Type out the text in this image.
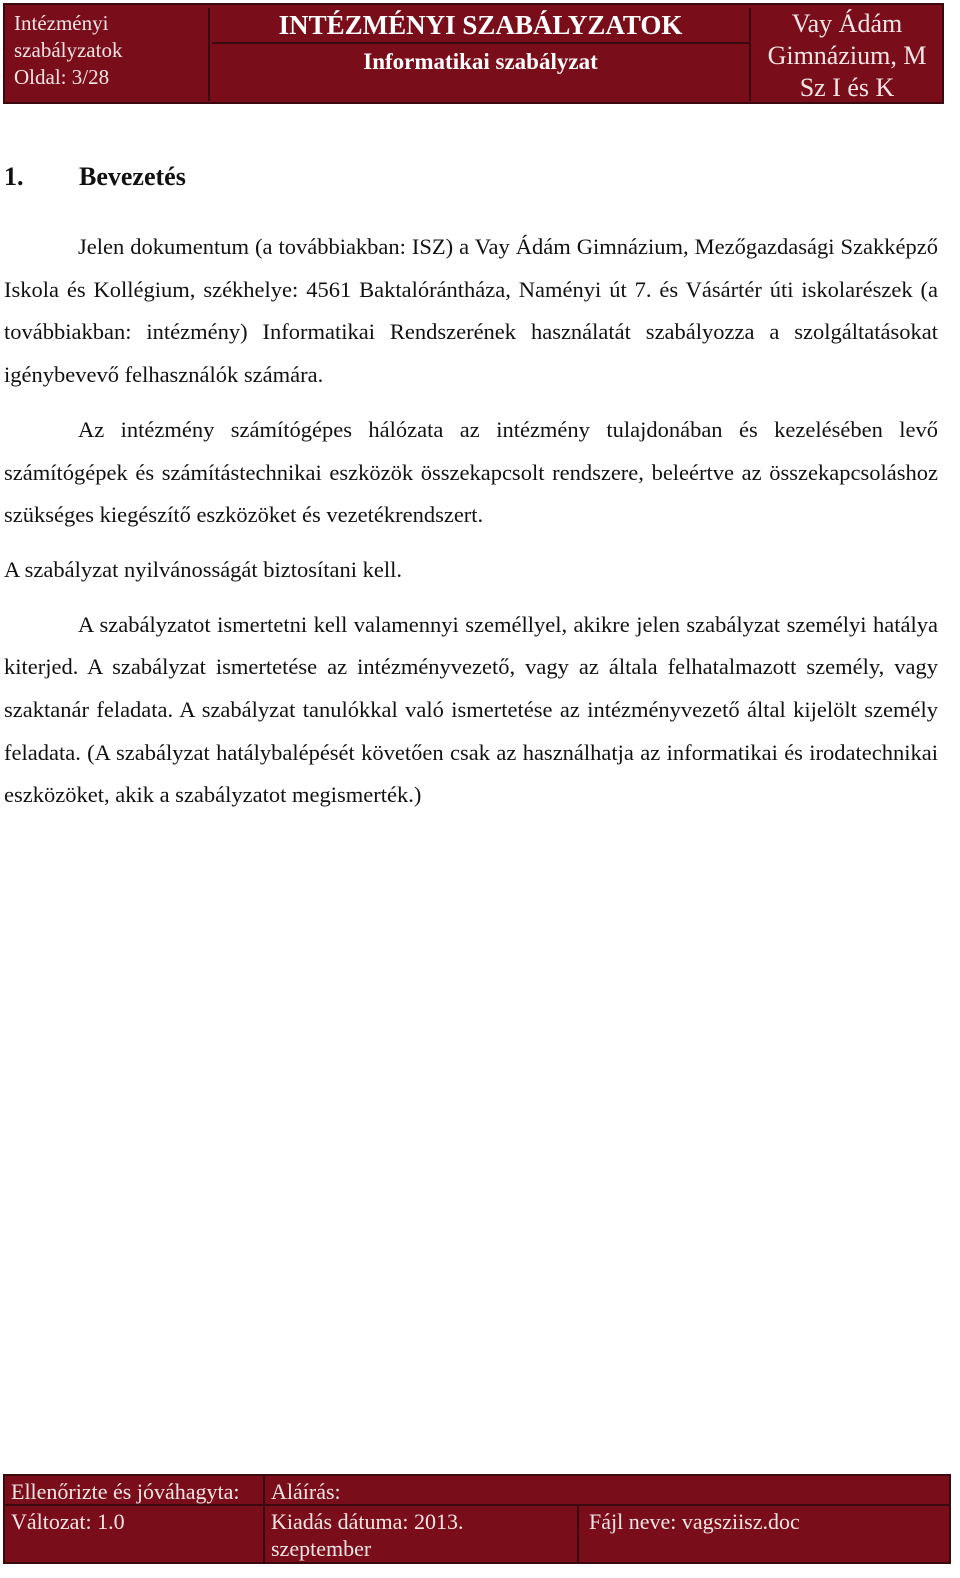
Intézményi
szabályzatok
Oldal: 3/28
INTÉZMÉNYI SZABÁLYZATOK
Informatikai szabályzat
Vay Ádám
Gimnázium, M
Sz I és K
1. Bevezetés

Jelen dokumentum (a továbbiakban: ISZ) a Vay Ádám Gimnázium, Mezőgazdasági Szakképző Iskola és Kollégium, székhelye: 4561 Baktalórántháza, Naményi út 7. és Vásártér úti iskolarészek (a továbbiakban: intézmény) Informatikai Rendszerének használatát szabályozza a szolgáltatásokat igénybevevő felhasználók számára.

Az intézmény számítógépes hálózata az intézmény tulajdonában és kezelésében levő számítógépek és számítástechnikai eszközök összekapcsolt rendszere, beleértve az összekapcsoláshoz szükséges kiegészítő eszközöket és vezetékrendszert.

A szabályzat nyilvánosságát biztosítani kell.

A szabályzatot ismertetni kell valamennyi személlyel, akikre jelen szabályzat személyi hatálya kiterjed. A szabályzat ismertetése az intézményvezető, vagy az általa felhatalmazott személy, vagy szaktanár feladata. A szabályzat tanulókkal való ismertetése az intézményvezető által kijelölt személy feladata. (A szabályzat hatálybalépését követően csak az használhatja az informatikai és irodatechnikai eszközöket, akik a szabályzatot megismerték.)

Ellenőrizte és jóváhagyta:	Aláírás:
Változat: 1.0	Kiadás dátuma: 2013.
szeptember
Fájl neve: vagsziisz.doc
